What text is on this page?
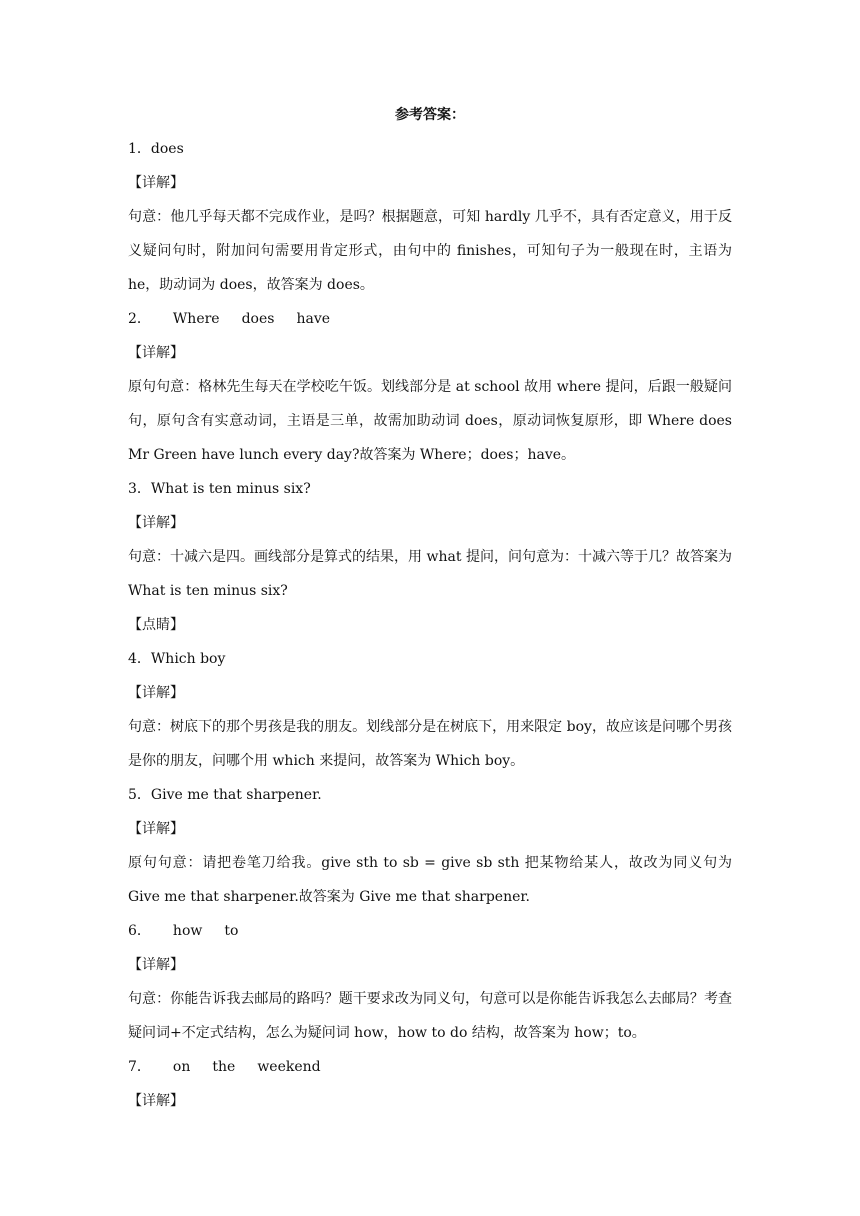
参考答案：
1．does
【详解】
句意：他几乎每天都不完成作业，是吗？根据题意，可知 hardly 几乎不，具有否定意义，用于反义疑问句时，附加问句需要用肯定形式，由句中的 finishes，可知句子为一般现在时，主语为 he，助动词为 does，故答案为 does。
2． Where does have
【详解】
原句句意：格林先生每天在学校吃午饭。划线部分是 at school 故用 where 提问，后跟一般疑问句，原句含有实意动词，主语是三单，故需加助动词 does，原动词恢复原形，即 Where does Mr Green have lunch every day?故答案为 Where；does；have。
3．What is ten minus six?
【详解】
句意：十减六是四。画线部分是算式的结果，用 what 提问，问句意为：十减六等于几？故答案为 What is ten minus six?
【点睛】
4．Which boy
【详解】
句意：树底下的那个男孩是我的朋友。划线部分是在树底下，用来限定 boy，故应该是问哪个男孩是你的朋友，问哪个用 which 来提问，故答案为 Which boy。
5．Give me that sharpener.
【详解】
原句句意：请把卷笔刀给我。give sth to sb = give sb sth 把某物给某人，故改为同义句为 Give me that sharpener.故答案为 Give me that sharpener.
6． how to
【详解】
句意：你能告诉我去邮局的路吗？题干要求改为同义句，句意可以是你能告诉我怎么去邮局？考查疑问词+不定式结构，怎么为疑问词 how，how to do 结构，故答案为 how；to。
7． on the weekend
【详解】
